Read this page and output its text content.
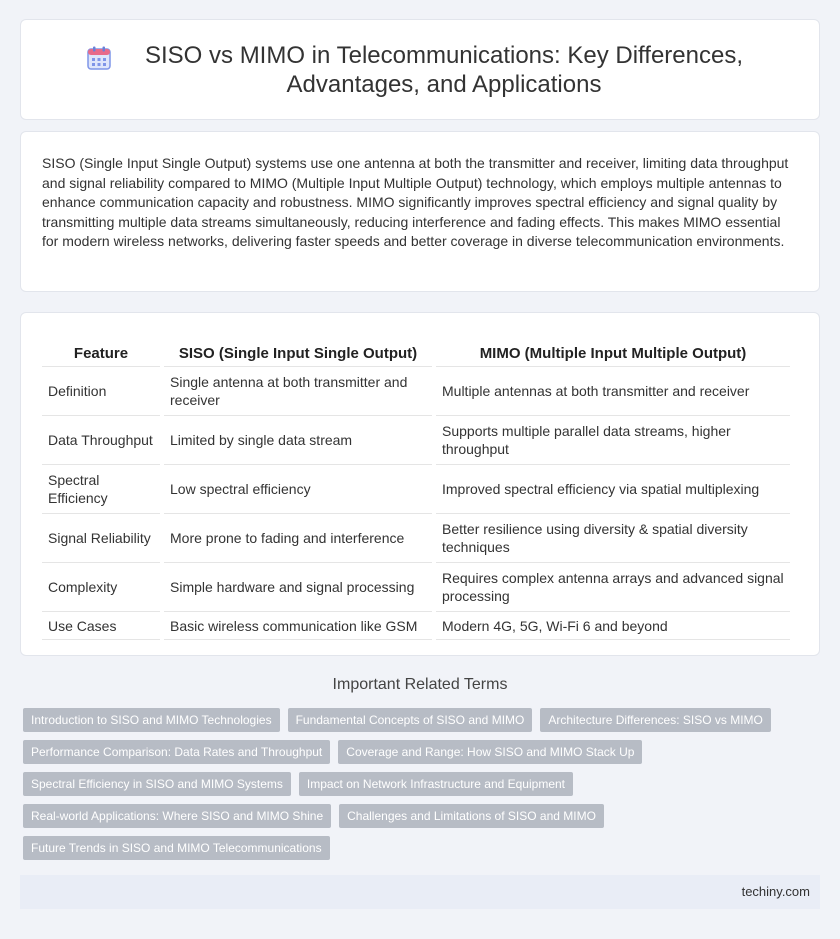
SISO vs MIMO in Telecommunications: Key Differences, Advantages, and Applications

SISO (Single Input Single Output) systems use one antenna at both the transmitter and receiver, limiting data throughput and signal reliability compared to MIMO (Multiple Input Multiple Output) technology, which employs multiple antennas to enhance communication capacity and robustness. MIMO significantly improves spectral efficiency and signal quality by transmitting multiple data streams simultaneously, reducing interference and fading effects. This makes MIMO essential for modern wireless networks, delivering faster speeds and better coverage in diverse telecommunication environments.

Feature	SISO (Single Input Single Output)	MIMO (Multiple Input Multiple Output)
Definition	Single antenna at both transmitter and receiver	Multiple antennas at both transmitter and receiver
Data Throughput	Limited by single data stream	Supports multiple parallel data streams, higher throughput
Spectral Efficiency	Low spectral efficiency	Improved spectral efficiency via spatial multiplexing
Signal Reliability	More prone to fading and interference	Better resilience using diversity & spatial diversity techniques
Complexity	Simple hardware and signal processing	Requires complex antenna arrays and advanced signal processing
Use Cases	Basic wireless communication like GSM	Modern 4G, 5G, Wi-Fi 6 and beyond
Important Related Terms
Introduction to SISO and MIMO Technologies	Fundamental Concepts of SISO and MIMO	Architecture Differences: SISO vs MIMO
Performance Comparison: Data Rates and Throughput	Coverage and Range: How SISO and MIMO Stack Up
Spectral Efficiency in SISO and MIMO Systems	Impact on Network Infrastructure and Equipment
Real-world Applications: Where SISO and MIMO Shine	Challenges and Limitations of SISO and MIMO
Future Trends in SISO and MIMO Telecommunications
techiny.com
